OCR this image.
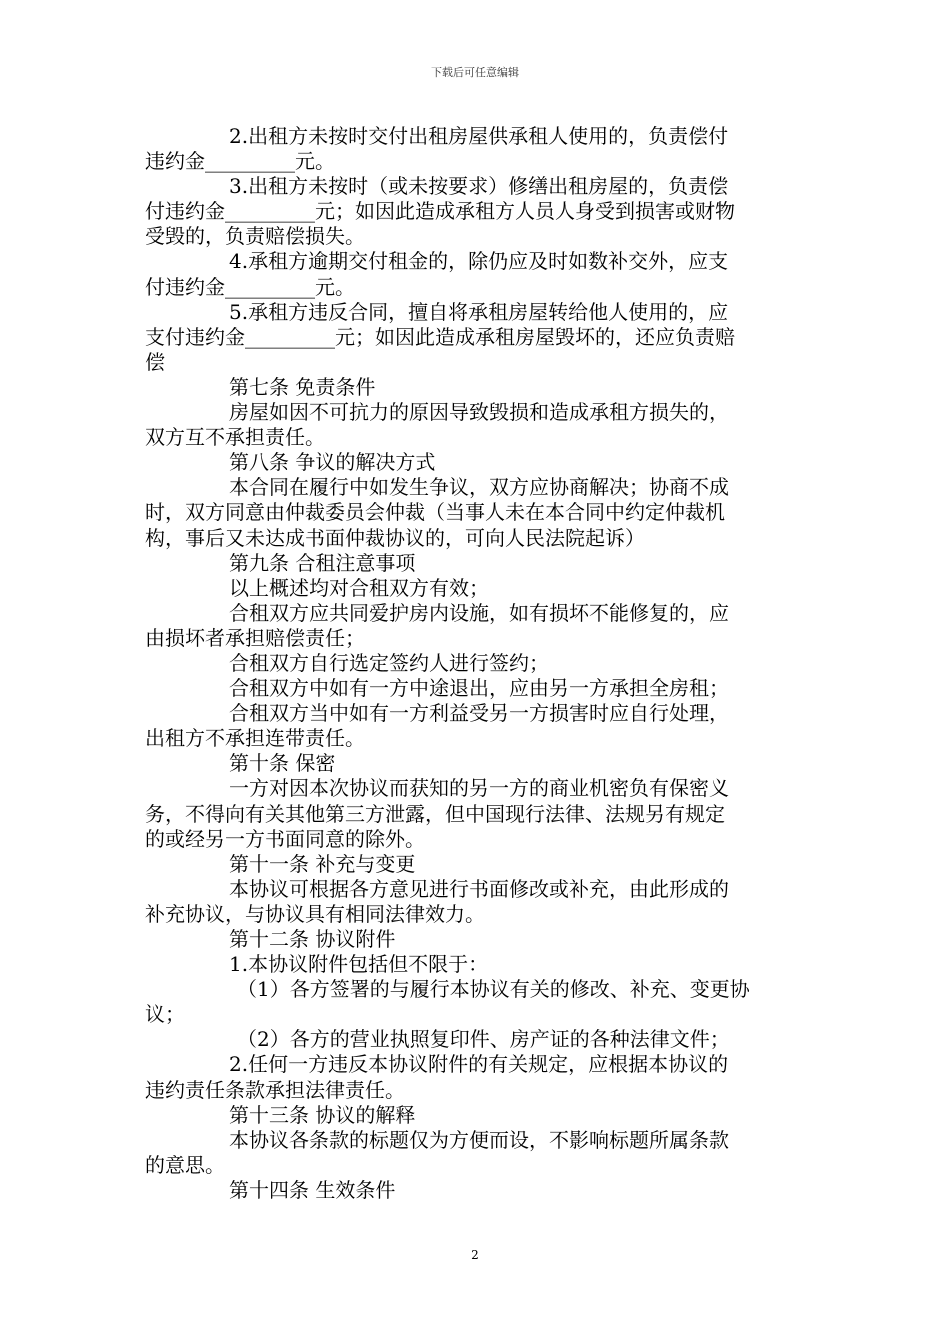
下载后可任意编辑
2.出租方未按时交付出租房屋供承租人使用的，负责偿付
违约金_________元。
3.出租方未按时（或未按要求）修缮出租房屋的，负责偿
付违约金_________元；如因此造成承租方人员人身受到损害或财物
受毁的，负责赔偿损失。
4.承租方逾期交付租金的，除仍应及时如数补交外，应支
付违约金_________元。
5.承租方违反合同，擅自将承租房屋转给他人使用的，应
支付违约金_________元；如因此造成承租房屋毁坏的，还应负责赔
偿
第七条 免责条件
房屋如因不可抗力的原因导致毁损和造成承租方损失的，
双方互不承担责任。
第八条 争议的解决方式
本合同在履行中如发生争议，双方应协商解决；协商不成
时，双方同意由仲裁委员会仲裁（当事人未在本合同中约定仲裁机
构，事后又未达成书面仲裁协议的，可向人民法院起诉）
第九条 合租注意事项
以上概述均对合租双方有效；
合租双方应共同爱护房内设施，如有损坏不能修复的，应
由损坏者承担赔偿责任；
合租双方自行选定签约人进行签约；
合租双方中如有一方中途退出，应由另一方承担全房租；
合租双方当中如有一方利益受另一方损害时应自行处理，
出租方不承担连带责任。
第十条 保密
一方对因本次协议而获知的另一方的商业机密负有保密义
务，不得向有关其他第三方泄露，但中国现行法律、法规另有规定
的或经另一方书面同意的除外。
第十一条 补充与变更
本协议可根据各方意见进行书面修改或补充，由此形成的
补充协议，与协议具有相同法律效力。
第十二条 协议附件
1.本协议附件包括但不限于：
（1）各方签署的与履行本协议有关的修改、补充、变更协
议；
（2）各方的营业执照复印件、房产证的各种法律文件；
2.任何一方违反本协议附件的有关规定，应根据本协议的
违约责任条款承担法律责任。
第十三条 协议的解释
本协议各条款的标题仅为方便而设，不影响标题所属条款
的意思。
第十四条 生效条件
2
